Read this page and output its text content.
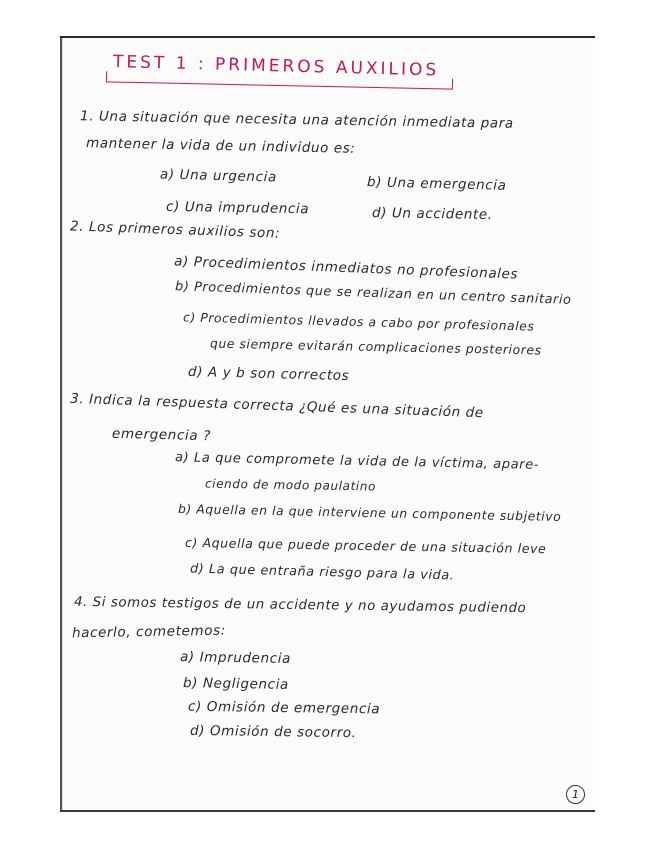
TEST 1 : PRIMEROS AUXILIOS
1. Una situación que necesita una atención inmediata para
mantener la vida de un individuo es:
a) Una urgencia	b) Una emergencia
c) Una imprudencia	d) Un accidente.
2. Los primeros auxilios son:
a) Procedimientos inmediatos no profesionales
b) Procedimientos que se realizan en un centro sanitario
c) Procedimientos llevados a cabo por profesionales
que siempre evitarán complicaciones posteriores
d) A y b son correctos
3. Indica la respuesta correcta ¿Qué es una situación de
emergencia ?
a) La que compromete la vida de la víctima, apare-
ciendo de modo paulatino
b) Aquella en la que interviene un componente subjetivo
c) Aquella que puede proceder de una situación leve
d) La que entraña riesgo para la vida.
4. Si somos testigos de un accidente y no ayudamos pudiendo
hacerlo, cometemos:
a) Imprudencia
b) Negligencia
c) Omisión de emergencia
d) Omisión de socorro.
1
